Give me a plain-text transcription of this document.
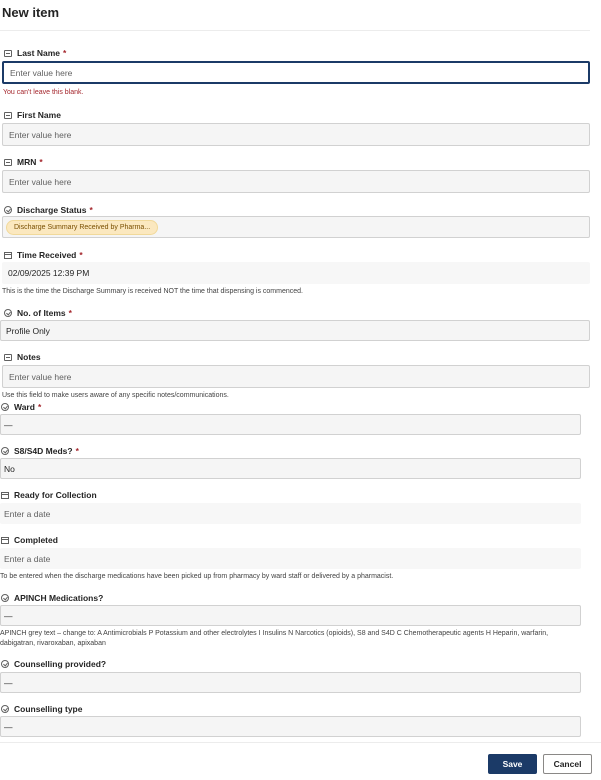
New item
Last Name *
Enter value here
You can't leave this blank.
First Name
Enter value here
MRN *
Enter value here
Discharge Status *
Discharge Summary Received by Pharma...
Time Received *
02/09/2025 12:39 PM
This is the time the Discharge Summary is received NOT the time that dispensing is commenced.
No. of Items *
Profile Only
Notes
Enter value here
Use this field to make users aware of any specific notes/communications.
Ward *
—
S8/S4D Meds? *
No
Ready for Collection
Enter a date
Completed
Enter a date
To be entered when the discharge medications have been picked up from pharmacy by ward staff or delivered by a pharmacist.
APINCH Medications?
—
APINCH grey text – change to: A Antimicrobials P Potassium and other electrolytes I Insulins N Narcotics (opioids), S8 and S4D C Chemotherapeutic agents H Heparin, warfarin,
dabigatran, rivaroxaban, apixaban
Counselling provided?
—
Counselling type
—
Save	Cancel
